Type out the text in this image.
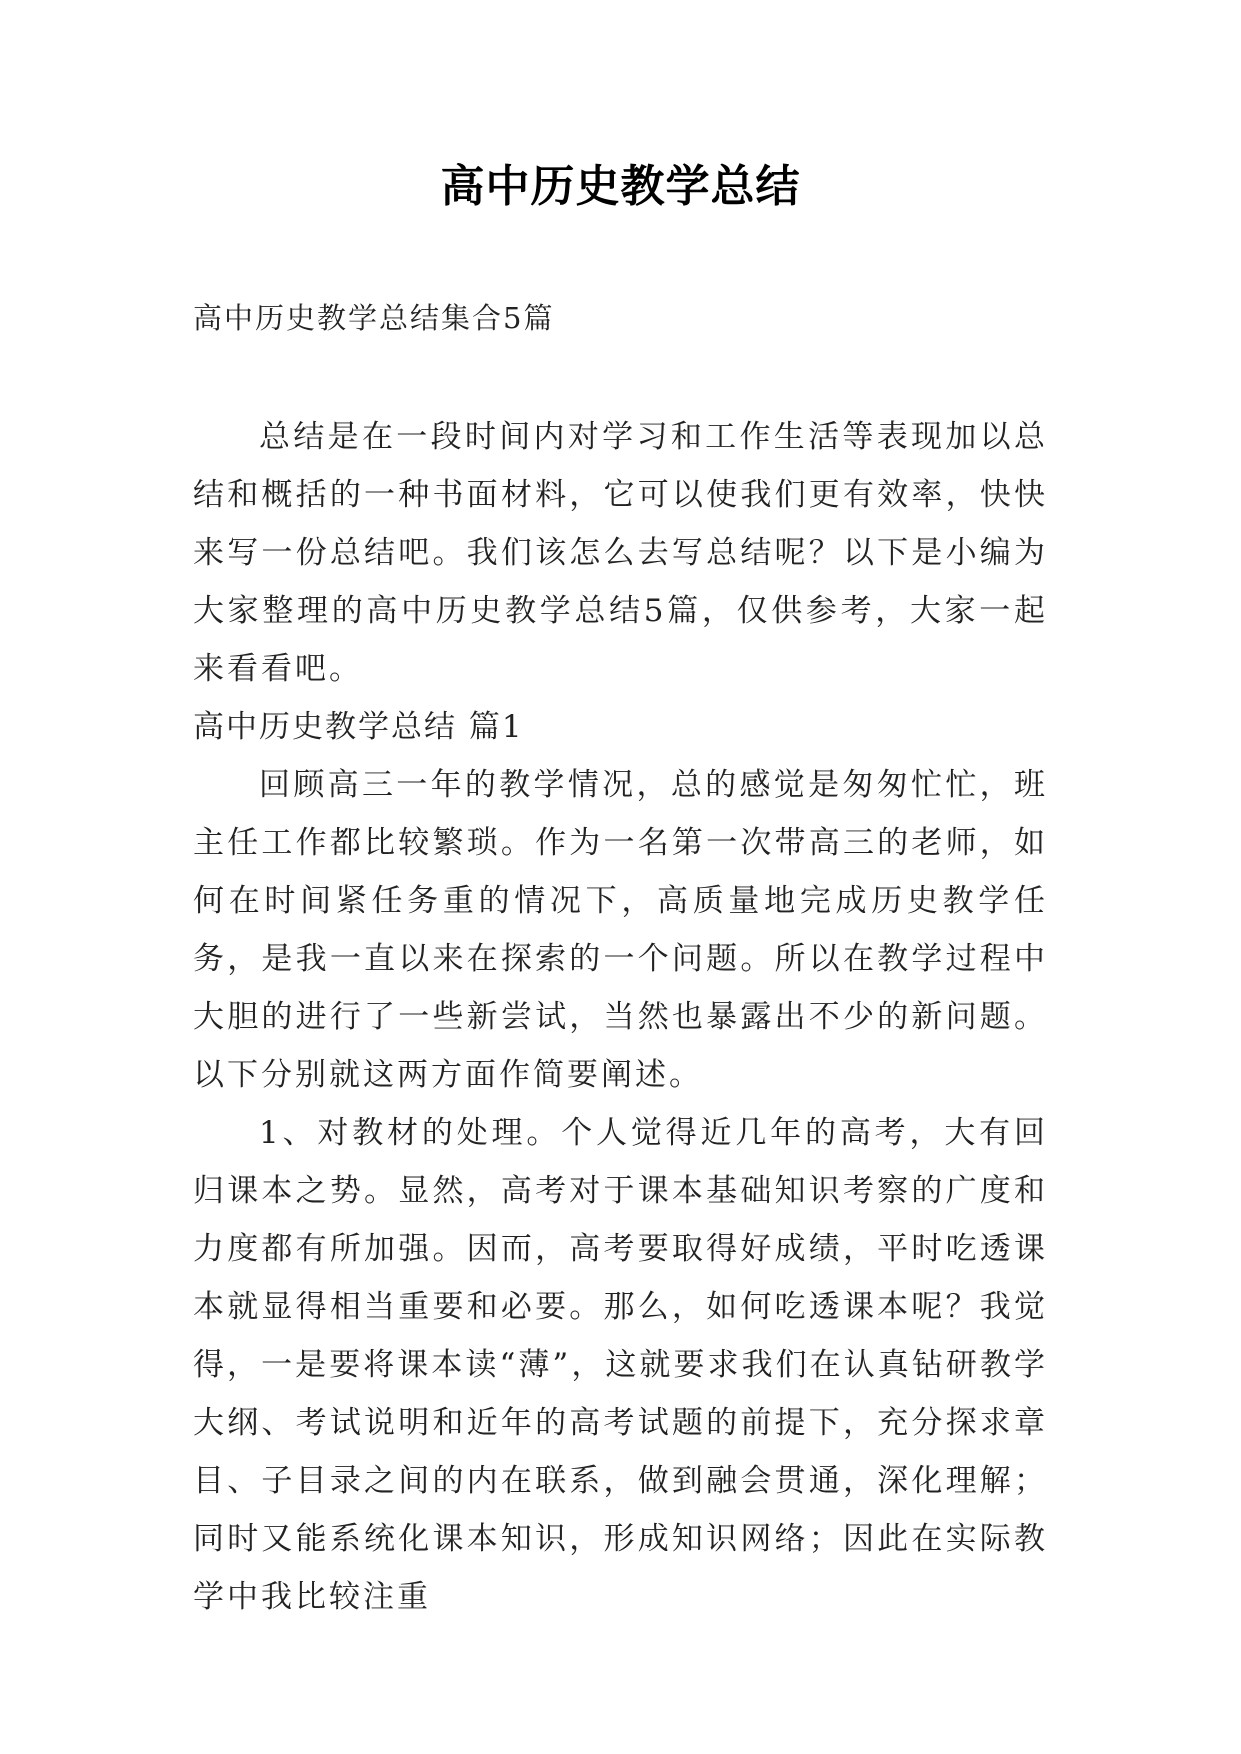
高中历史教学总结
高中历史教学总结集合5篇

总结是在一段时间内对学习和工作生活等表现加以总结和概括的一种书面材料，它可以使我们更有效率，快快来写一份总结吧。我们该怎么去写总结呢？以下是小编为大家整理的高中历史教学总结5篇，仅供参考，大家一起来看看吧。

高中历史教学总结 篇1

回顾高三一年的教学情况，总的感觉是匆匆忙忙，班主任工作都比较繁琐。作为一名第一次带高三的老师，如何在时间紧任务重的情况下，高质量地完成历史教学任务，是我一直以来在探索的一个问题。所以在教学过程中大胆的进行了一些新尝试，当然也暴露出不少的新问题。以下分别就这两方面作简要阐述。

1、对教材的处理。个人觉得近几年的高考，大有回归课本之势。显然，高考对于课本基础知识考察的广度和力度都有所加强。因而，高考要取得好成绩，平时吃透课本就显得相当重要和必要。那么，如何吃透课本呢？我觉得，一是要将课本读“薄”，这就要求我们在认真钻研教学大纲、考试说明和近年的高考试题的前提下，充分探求章目、子目录之间的内在联系，做到融会贯通，深化理解；同时又能系统化课本知识，形成知识网络；因此在实际教学中我比较注重
